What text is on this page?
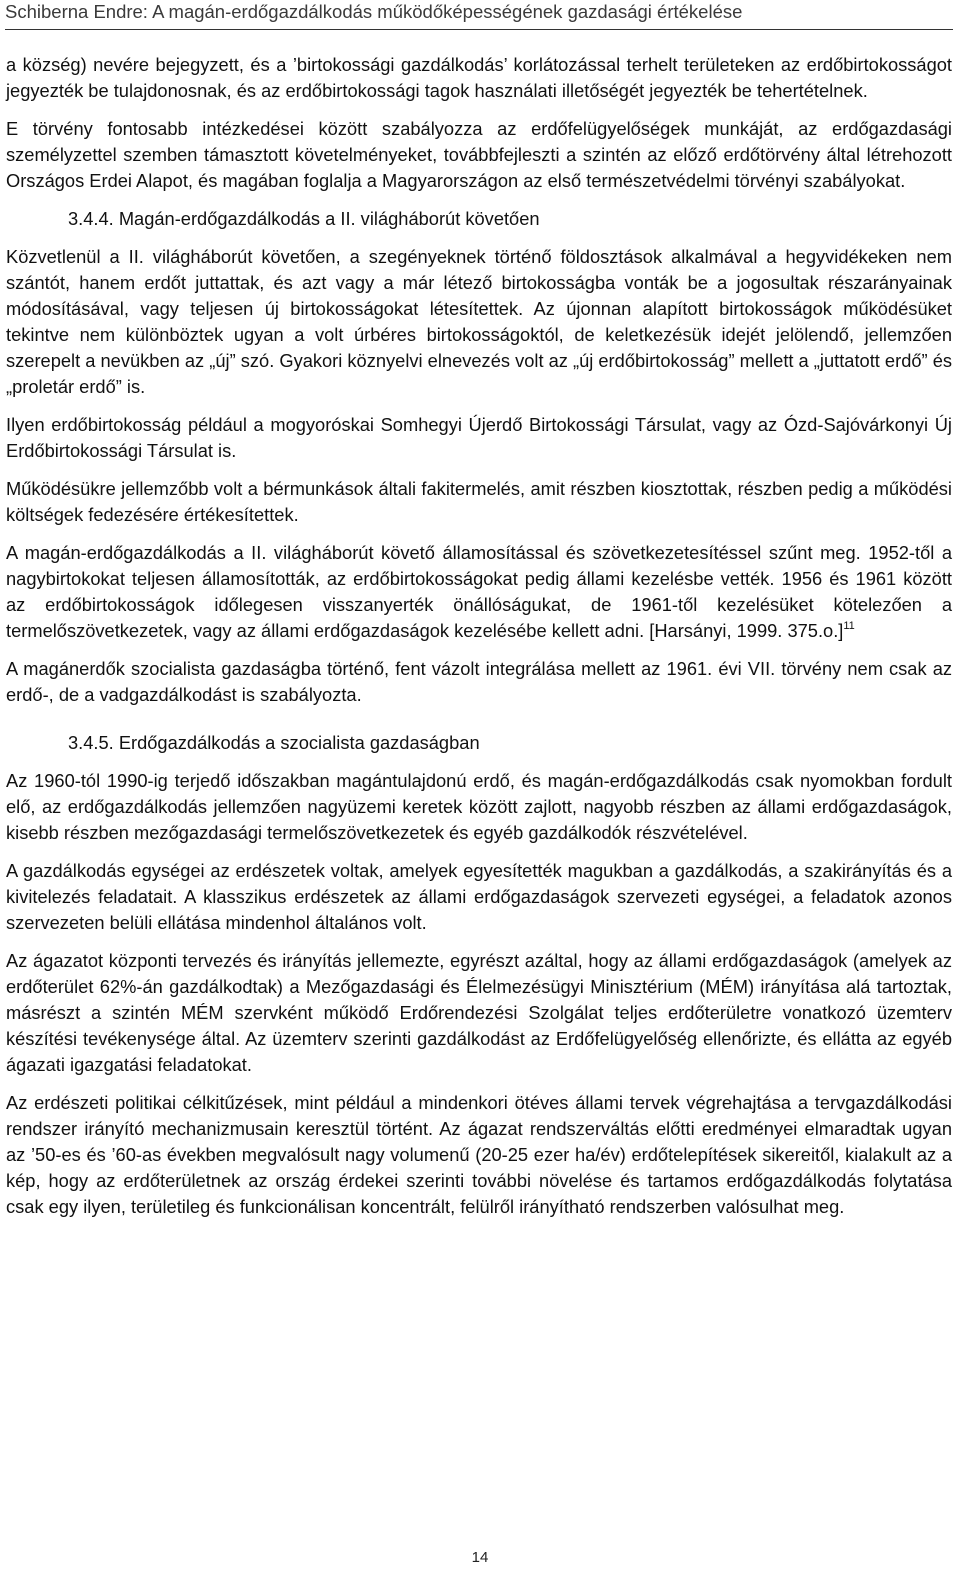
Schiberna Endre: A magán-erdőgazdálkodás működőképességének gazdasági értékelése

a község) nevére bejegyzett, és a ’birtokossági gazdálkodás’ korlátozással terhelt területeken az erdőbirtokosságot jegyezték be tulajdonosnak, és az erdőbirtokossági tagok használati illetőségét jegyezték be tehertételnek.

E törvény fontosabb intézkedései között szabályozza az erdőfelügyelőségek munkáját, az erdőgazdasági személyzettel szemben támasztott követelményeket, továbbfejleszti a szintén az előző erdőtörvény által létrehozott Országos Erdei Alapot, és magában foglalja a Magyarországon az első természetvédelmi törvényi szabályokat.

3.4.4. Magán-erdőgazdálkodás a II. világháborút követően

Közvetlenül a II. világháborút követően, a szegényeknek történő földosztások alkalmával a hegyvidékeken nem szántót, hanem erdőt juttattak, és azt vagy a már létező birtokosságba vonták be a jogosultak részarányainak módosításával, vagy teljesen új birtokosságokat létesítettek. Az újonnan alapított birtokosságok működésüket tekintve nem különböztek ugyan a volt úrbéres birtokosságoktól, de keletkezésük idejét jelölendő, jellemzően szerepelt a nevükben az „új” szó. Gyakori köznyelvi elnevezés volt az „új erdőbirtokosság” mellett a „juttatott erdő” és „proletár erdő” is.

Ilyen erdőbirtokosság például a mogyoróskai Somhegyi Újerdő Birtokossági Társulat, vagy az Ózd-Sajóvárkonyi Új Erdőbirtokossági Társulat is.

Működésükre jellemzőbb volt a bérmunkások általi fakitermelés, amit részben kiosztottak, részben pedig a működési költségek fedezésére értékesítettek.

A magán-erdőgazdálkodás a II. világháborút követő államosítással és szövetkezetesítéssel szűnt meg. 1952-től a nagybirtokokat teljesen államosították, az erdőbirtokosságokat pedig állami kezelésbe vették. 1956 és 1961 között az erdőbirtokosságok időlegesen visszanyerték önállóságukat, de 1961-től kezelésüket kötelezően a termelőszövetkezetek, vagy az állami erdőgazdaságok kezelésébe kellett adni. [Harsányi, 1999. 375.o.]$^{11}$

A magánerdők szocialista gazdaságba történő, fent vázolt integrálása mellett az 1961. évi VII. törvény nem csak az erdő-, de a vadgazdálkodást is szabályozta.

3.4.5. Erdőgazdálkodás a szocialista gazdaságban

Az 1960-tól 1990-ig terjedő időszakban magántulajdonú erdő, és magán-erdőgazdálkodás csak nyomokban fordult elő, az erdőgazdálkodás jellemzően nagyüzemi keretek között zajlott, nagyobb részben az állami erdőgazdaságok, kisebb részben mezőgazdasági termelőszövetkezetek és egyéb gazdálkodók részvételével.

A gazdálkodás egységei az erdészetek voltak, amelyek egyesítették magukban a gazdálkodás, a szakirányítás és a kivitelezés feladatait. A klasszikus erdészetek az állami erdőgazdaságok szervezeti egységei, a feladatok azonos szervezeten belüli ellátása mindenhol általános volt.

Az ágazatot központi tervezés és irányítás jellemezte, egyrészt azáltal, hogy az állami erdőgazdaságok (amelyek az erdőterület 62%-án gazdálkodtak) a Mezőgazdasági és Élelmezésügyi Minisztérium (MÉM) irányítása alá tartoztak, másrészt a szintén MÉM szervként működő Erdőrendezési Szolgálat teljes erdőterületre vonatkozó üzemterv készítési tevékenysége által. Az üzemterv szerinti gazdálkodást az Erdőfelügyelőség ellenőrizte, és ellátta az egyéb ágazati igazgatási feladatokat.

Az erdészeti politikai célkitűzések, mint például a mindenkori ötéves állami tervek végrehajtása a tervgazdálkodási rendszer irányító mechanizmusain keresztül történt. Az ágazat rendszerváltás előtti eredményei elmaradtak ugyan az ’50-es és ’60-as években megvalósult nagy volumenű (20-25 ezer ha/év) erdőtelepítések sikereitől, kialakult az a kép, hogy az erdőterületnek az ország érdekei szerinti további növelése és tartamos erdőgazdálkodás folytatása csak egy ilyen, területileg és funkcionálisan koncentrált, felülről irányítható rendszerben valósulhat meg.

14
